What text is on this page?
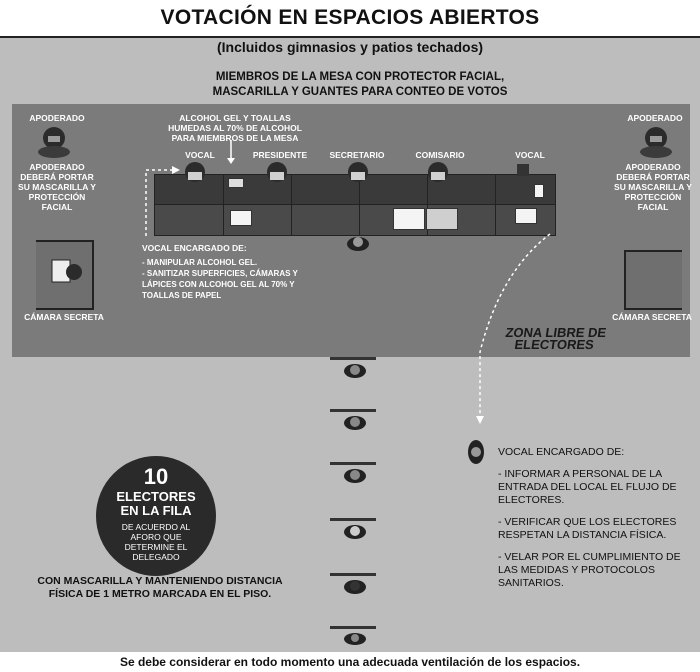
VOTACIÓN EN ESPACIOS ABIERTOS
(Incluidos gimnasios y patios techados)
MIEMBROS DE LA MESA CON PROTECTOR FACIAL, MASCARILLA Y GUANTES PARA CONTEO DE VOTOS
APODERADO
APODERADO DEBERÁ PORTAR SU MASCARILLA Y PROTECCIÓN FACIAL
APODERADO
APODERADO DEBERÁ PORTAR SU MASCARILLA Y PROTECCIÓN FACIAL
CÁMARA SECRETA	CÁMARA SECRETA
ALCOHOL GEL Y TOALLAS HUMEDAS AL 70% DE ALCOHOL PARA MIEMBROS DE LA MESA
VOCAL	PRESIDENTE	SECRETARIO	COMISARIO	VOCAL
VOCAL ENCARGADO DE:
- MANIPULAR ALCOHOL GEL.
- SANITIZAR SUPERFICIES, CÁMARAS Y LÁPICES CON ALCOHOL GEL AL 70% Y TOALLAS DE PAPEL
ZONA LIBRE DE ELECTORES
VOCAL ENCARGADO DE:
- INFORMAR A PERSONAL DE LA ENTRADA DEL LOCAL EL FLUJO DE ELECTORES.
- VERIFICAR QUE LOS ELECTORES RESPETAN LA DISTANCIA FÍSICA.
- VELAR POR EL CUMPLIMIENTO DE LAS MEDIDAS Y PROTOCOLOS SANITARIOS.
10
ELECTORES
EN LA FILA
DE ACUERDO AL AFORO QUE DETERMINE EL DELEGADO
CON MASCARILLA Y MANTENIENDO DISTANCIA FÍSICA DE 1 METRO MARCADA EN EL PISO.
Se debe considerar en todo momento una adecuada ventilación de los espacios.
